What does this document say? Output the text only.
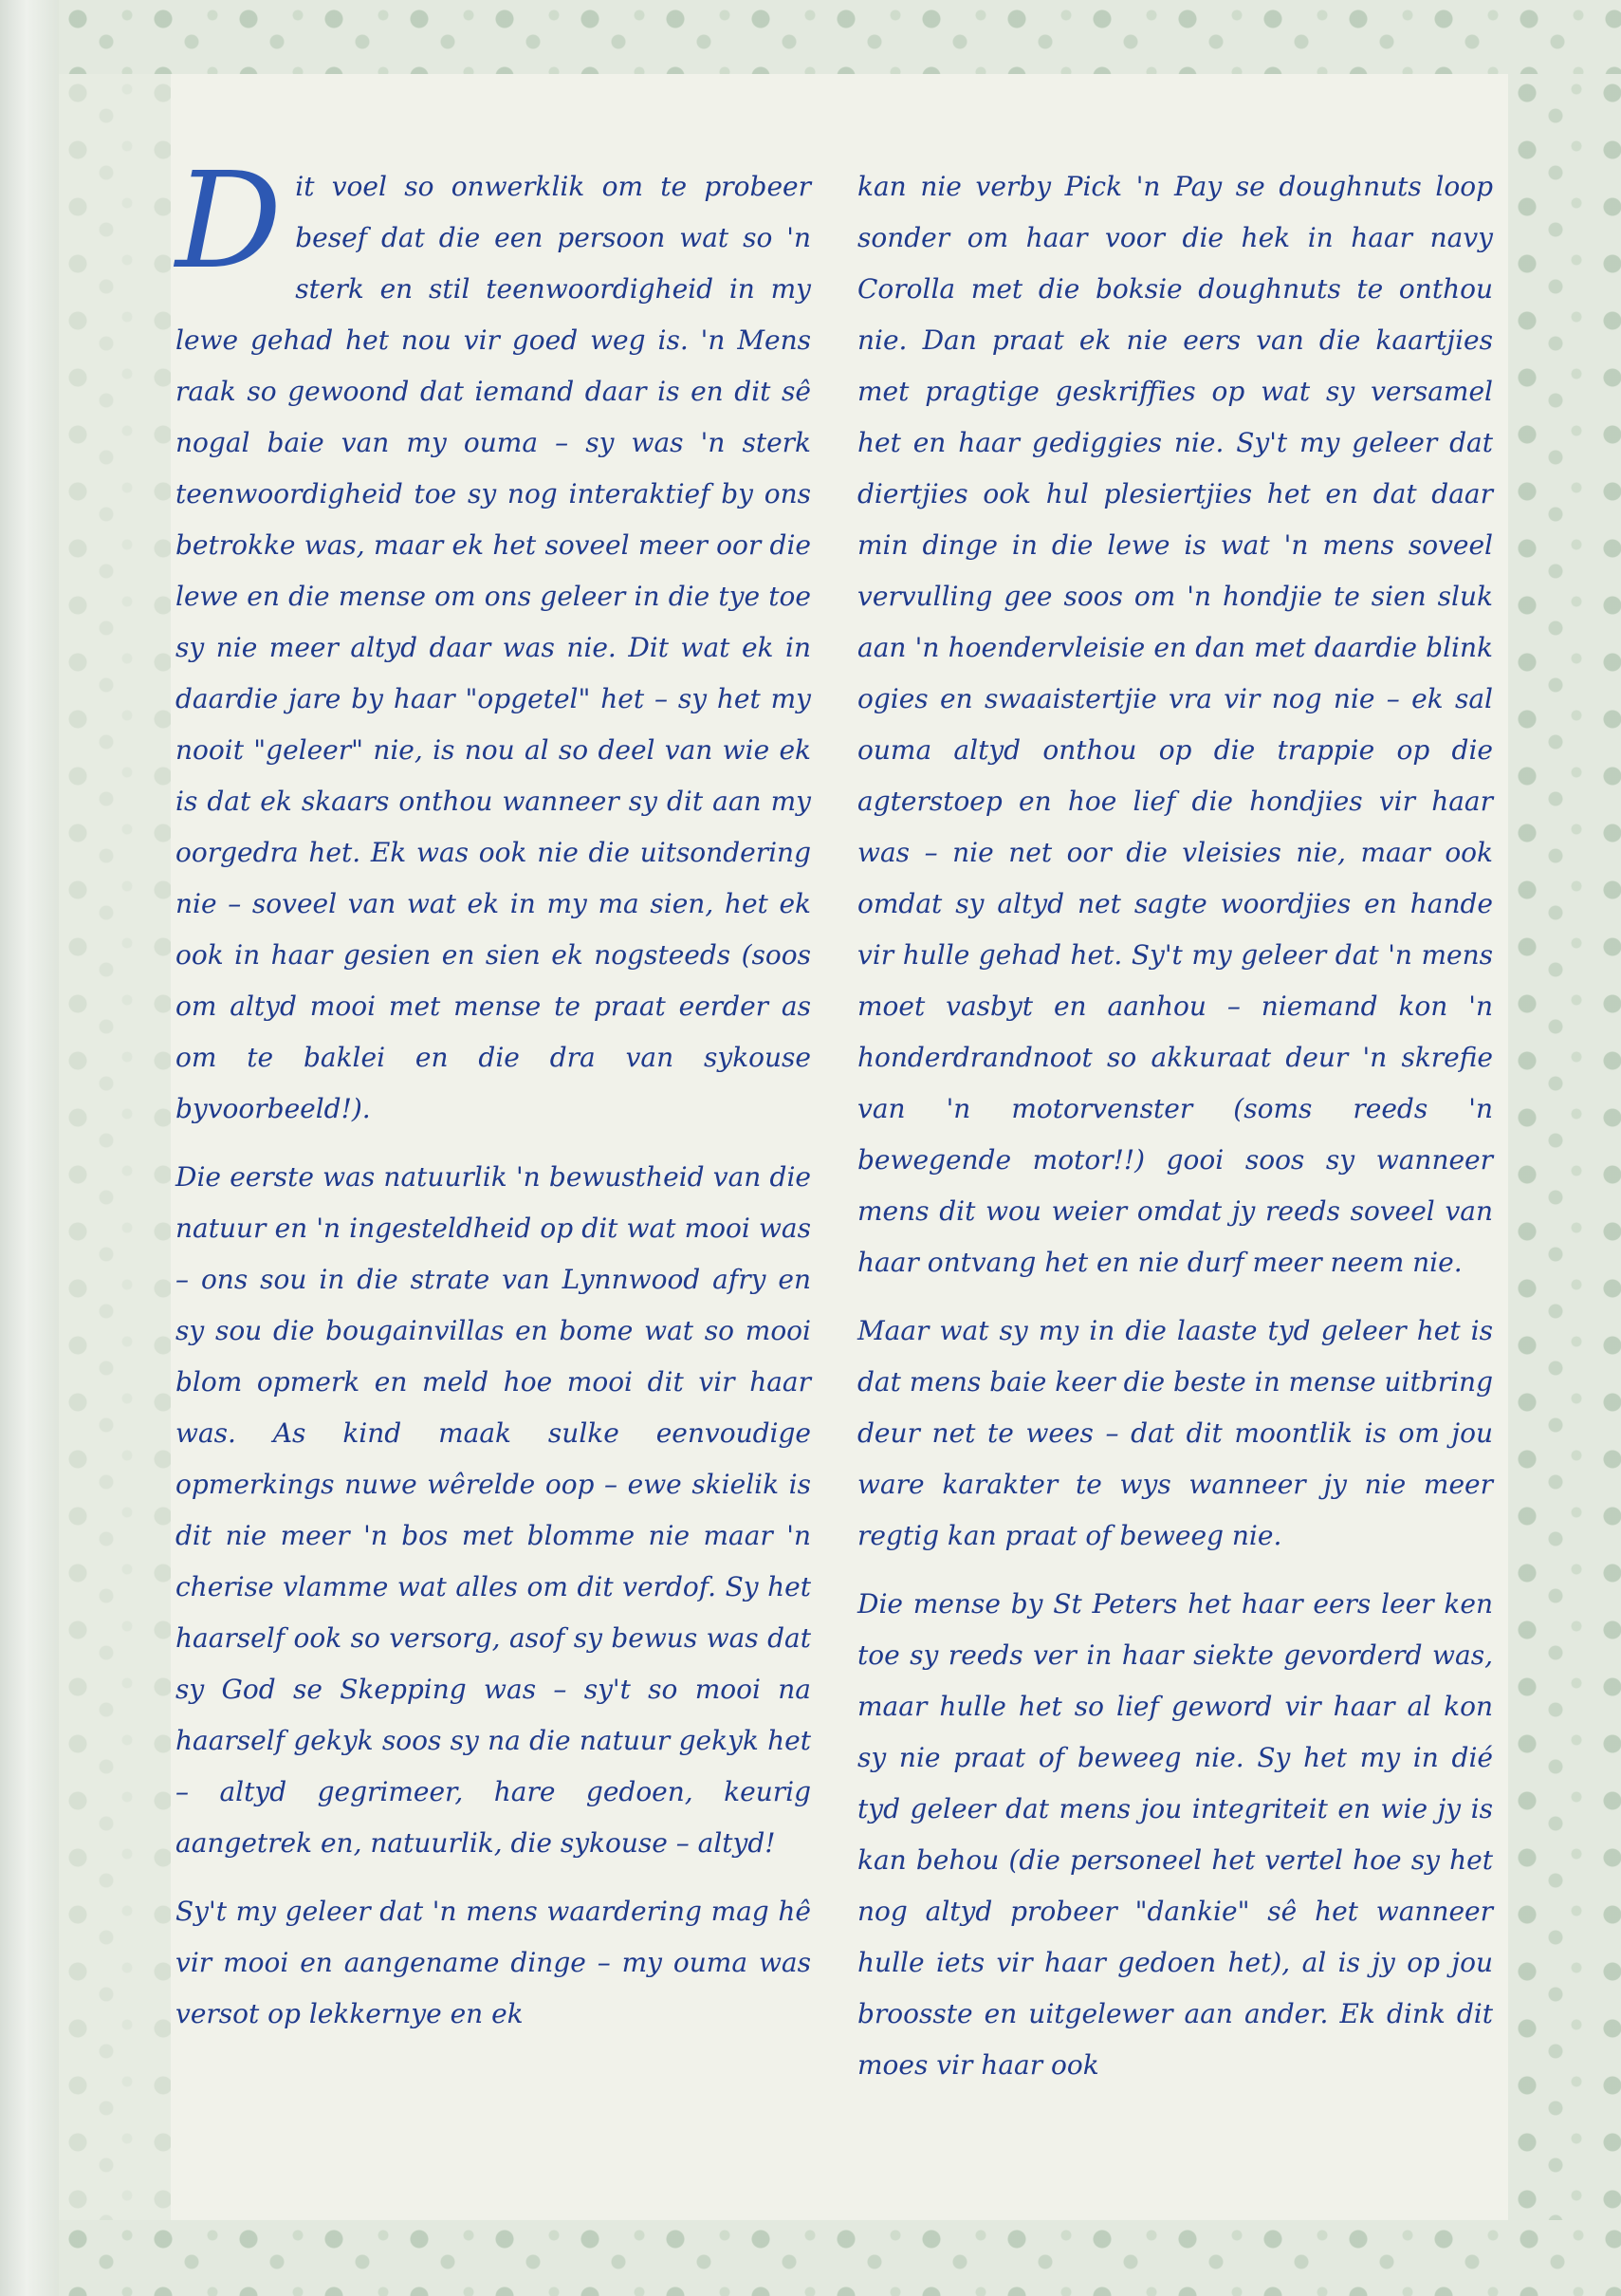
D it voel so onwerklik om te probeer besef dat die een persoon wat so 'n sterk en stil teenwoordigheid in my lewe gehad het nou vir goed weg is. 'n Mens raak so gewoond dat iemand daar is en dit sê nogal baie van my ouma – sy was 'n sterk teenwoordigheid toe sy nog interaktief by ons betrokke was, maar ek het soveel meer oor die lewe en die mense om ons geleer in die tye toe sy nie meer altyd daar was nie. Dit wat ek in daardie jare by haar "opgetel" het – sy het my nooit "geleer" nie, is nou al so deel van wie ek is dat ek skaars onthou wanneer sy dit aan my oorgedra het. Ek was ook nie die uitsondering nie – soveel van wat ek in my ma sien, het ek ook in haar gesien en sien ek nogsteeds (soos om altyd mooi met mense te praat eerder as om te baklei en die dra van sykouse byvoorbeeld!).

Die eerste was natuurlik 'n bewustheid van die natuur en 'n ingesteldheid op dit wat mooi was – ons sou in die strate van Lynnwood afry en sy sou die bougainvillas en bome wat so mooi blom opmerk en meld hoe mooi dit vir haar was. As kind maak sulke eenvoudige opmerkings nuwe wêrelde oop – ewe skielik is dit nie meer 'n bos met blomme nie maar 'n cherise vlamme wat alles om dit verdof. Sy het haarself ook so versorg, asof sy bewus was dat sy God se Skepping was – sy't so mooi na haarself gekyk soos sy na die natuur gekyk het – altyd gegrimeer, hare gedoen, keurig aangetrek en, natuurlik, die sykouse – altyd!

Sy't my geleer dat 'n mens waardering mag hê vir mooi en aangename dinge – my ouma was versot op lekkernye en ek

kan nie verby Pick 'n Pay se doughnuts loop sonder om haar voor die hek in haar navy Corolla met die boksie doughnuts te onthou nie. Dan praat ek nie eers van die kaartjies met pragtige geskriffies op wat sy versamel het en haar gediggies nie. Sy't my geleer dat diertjies ook hul plesiertjies het en dat daar min dinge in die lewe is wat 'n mens soveel vervulling gee soos om 'n hondjie te sien sluk aan 'n hoendervleisie en dan met daardie blink ogies en swaaistertjie vra vir nog nie – ek sal ouma altyd onthou op die trappie op die agterstoep en hoe lief die hondjies vir haar was – nie net oor die vleisies nie, maar ook omdat sy altyd net sagte woordjies en hande vir hulle gehad het. Sy't my geleer dat 'n mens moet vasbyt en aanhou – niemand kon 'n honderdrandnoot so akkuraat deur 'n skrefie van 'n motorvenster (soms reeds 'n bewegende motor!!) gooi soos sy wanneer mens dit wou weier omdat jy reeds soveel van haar ontvang het en nie durf meer neem nie.

Maar wat sy my in die laaste tyd geleer het is dat mens baie keer die beste in mense uitbring deur net te wees – dat dit moontlik is om jou ware karakter te wys wanneer jy nie meer regtig kan praat of beweeg nie.

Die mense by St Peters het haar eers leer ken toe sy reeds ver in haar siekte gevorderd was, maar hulle het so lief geword vir haar al kon sy nie praat of beweeg nie. Sy het my in dié tyd geleer dat mens jou integriteit en wie jy is kan behou (die personeel het vertel hoe sy het nog altyd probeer "dankie" sê het wanneer hulle iets vir haar gedoen het), al is jy op jou broosste en uitgelewer aan ander. Ek dink dit moes vir haar ook
